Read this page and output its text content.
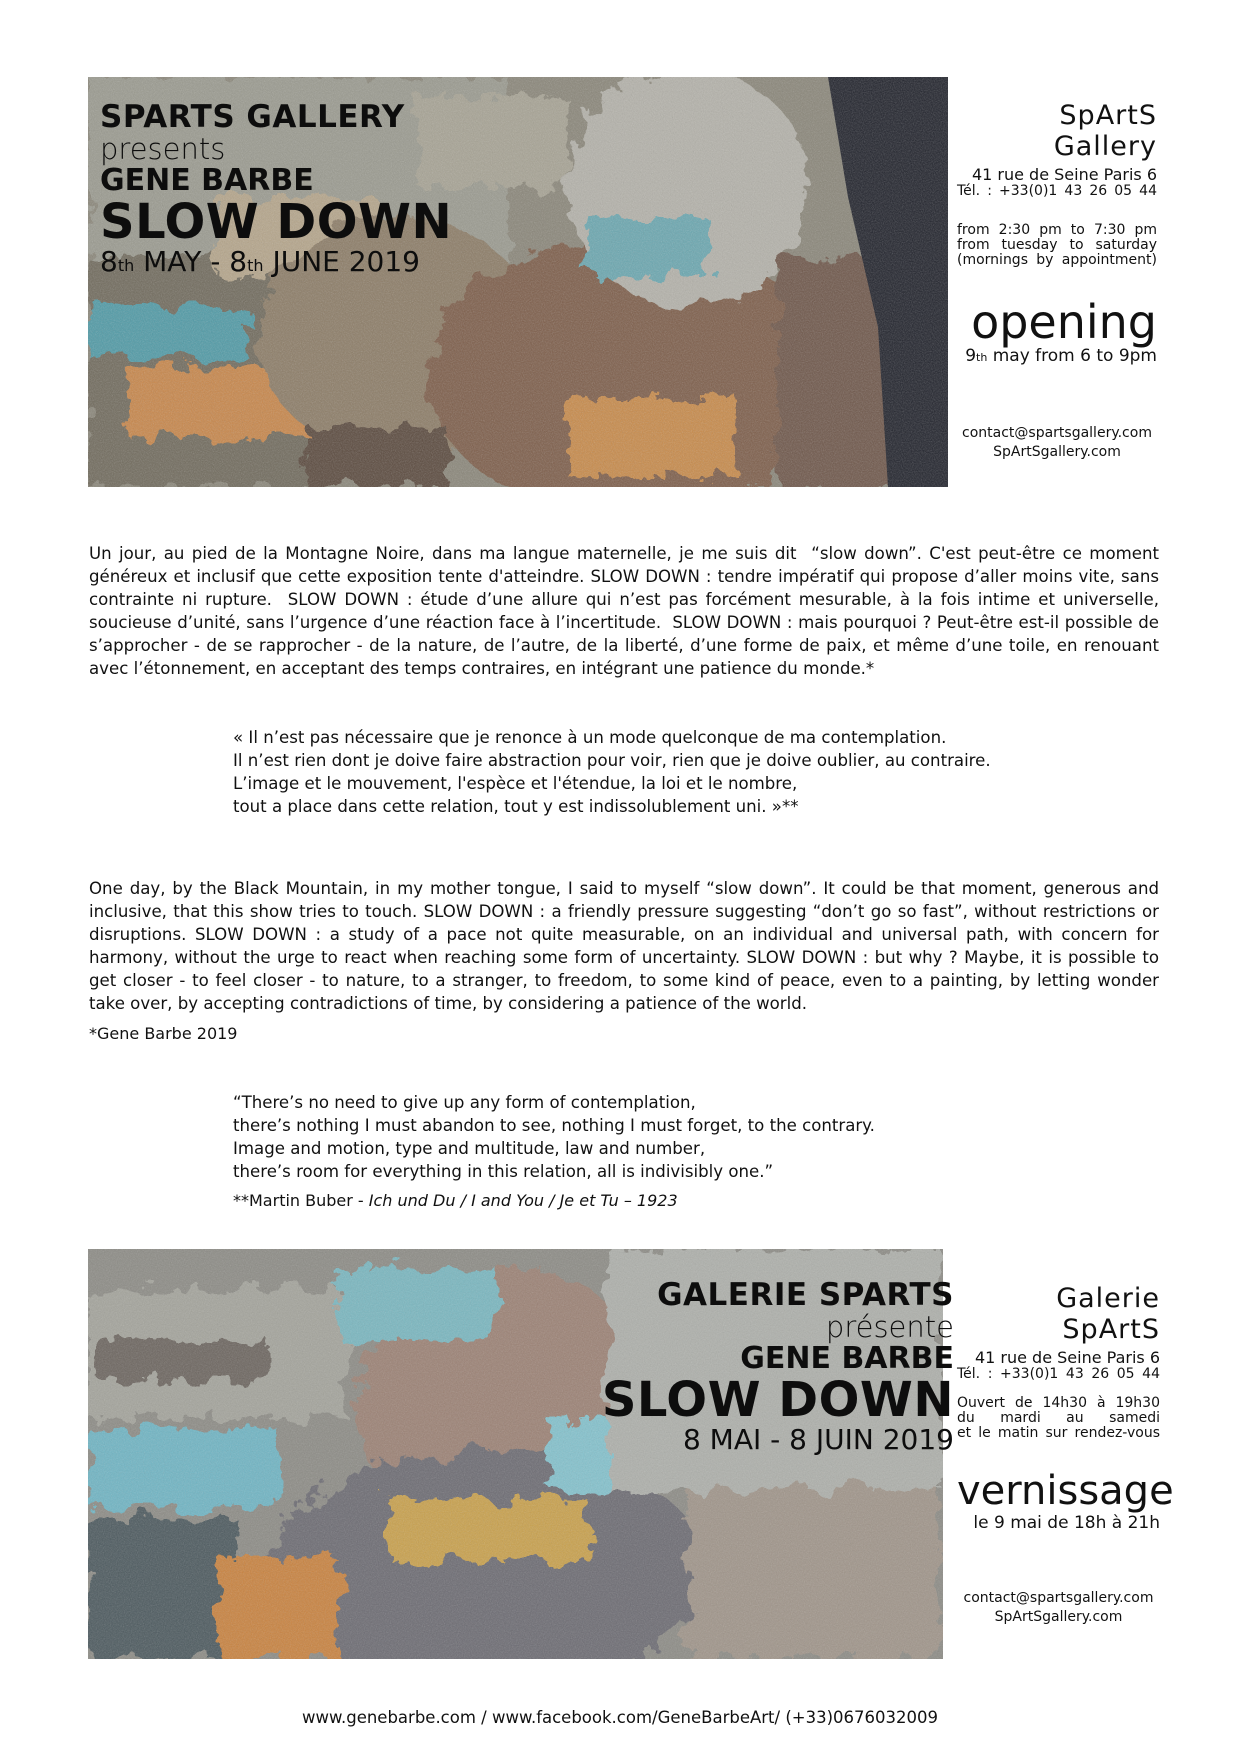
SPARTS GALLERY
presents
GENE BARBE
SLOW DOWN
8th MAY - 8th JUNE 2019
SpArtS Gallery
41 rue de Seine Paris 6
Tél. : +33(0)1 43 26 05 44
from 2:30 pm to 7:30 pm
from tuesday to saturday
(mornings by appointment)
opening
9th may from 6 to 9pm
contact@spartsgallery.com
SpArtSgallery.com
Un jour, au pied de la Montagne Noire, dans ma langue maternelle, je me suis dit  “slow down”. C'est peut-être ce moment généreux et inclusif que cette exposition tente d'atteindre. SLOW DOWN : tendre impératif qui propose d’aller moins vite, sans contrainte ni rupture.  SLOW DOWN : étude d’une allure qui n’est pas forcément mesurable, à la fois intime et universelle, soucieuse d’unité, sans l’urgence d’une réaction face à l’incertitude.  SLOW DOWN : mais pourquoi ? Peut-être est-il possible de s’approcher - de se rapprocher - de la nature, de l’autre, de la liberté, d’une forme de paix, et même d’une toile, en renouant avec l’étonnement, en acceptant des temps contraires, en intégrant une patience du monde.*
« Il n’est pas nécessaire que je renonce à un mode quelconque de ma contemplation.
Il n’est rien dont je doive faire abstraction pour voir, rien que je doive oublier, au contraire.
L’image et le mouvement, l'espèce et l'étendue, la loi et le nombre,
tout a place dans cette relation, tout y est indissolublement uni. »**
One day, by the Black Mountain, in my mother tongue, I said to myself “slow down”. It could be that moment, generous and inclusive, that this show tries to touch. SLOW DOWN : a friendly pressure suggesting “don’t go so fast”, without restrictions or disruptions. SLOW DOWN : a study of a pace not quite measurable, on an individual and universal path, with concern for harmony, without the urge to react when reaching some form of uncertainty. SLOW DOWN : but why ? Maybe, it is possible to get closer - to feel closer - to nature, to a stranger, to freedom, to some kind of peace, even to a painting, by letting wonder take over, by accepting contradictions of time, by considering a patience of the world.
*Gene Barbe 2019
“There’s no need to give up any form of contemplation,
there’s nothing I must abandon to see, nothing I must forget, to the contrary.
Image and motion, type and multitude, law and number,
there’s room for everything in this relation, all is indivisibly one.”
**Martin Buber - Ich und Du / I and You / Je et Tu – 1923
GALERIE SPARTS
présente
GENE BARBE
SLOW DOWN
8 MAI - 8 JUIN 2019
Galerie SpArtS
41 rue de Seine Paris 6
Tél. : +33(0)1 43 26 05 44
Ouvert de 14h30 à 19h30
du mardi au samedi
et le matin sur rendez-vous
vernissage
le 9 mai de 18h à 21h
contact@spartsgallery.com
SpArtSgallery.com
www.genebarbe.com / www.facebook.com/GeneBarbeArt/ (+33)0676032009
